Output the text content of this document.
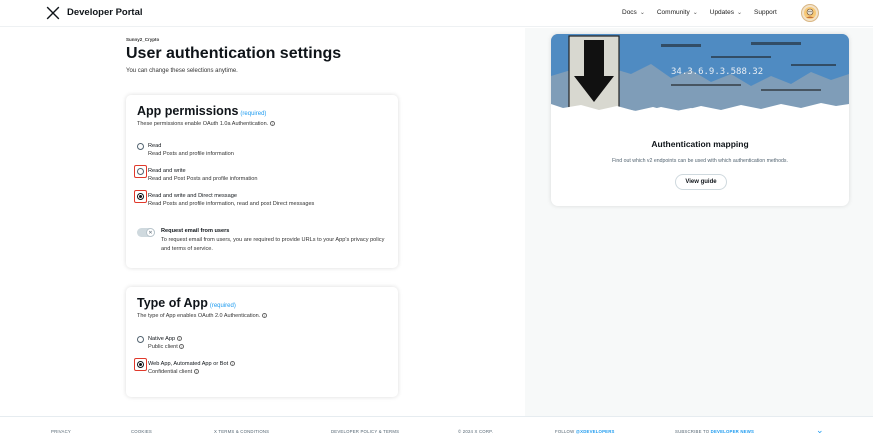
Developer Portal	Docs ⌄ Community ⌄ Updates ⌄ Support
Sunny2_Crypto
User authentication settings
You can change these selections anytime.
App permissions (required)
These permissions enable OAuth 1.0a Authentication. i
Read
Read Posts and profile information
Read and write
Read and Post Posts and profile information
Read and write and Direct message
Read Posts and profile information, read and post Direct messages
✕	Request email from users
To request email from users, you are required to provide URLs to your App's privacy policy and terms of service.
Type of App (required)
The type of App enables OAuth 2.0 Authentication. i
Native App i
Public client i
Web App, Automated App or Bot i
Confidential client i
34.3.6.9.3.588.32
Authentication mapping
Find out which v2 endpoints can be used with which authentication methods.
View guide
PRIVACY	COOKIES	X TERMS & CONDITIONS	DEVELOPER POLICY & TERMS	© 2024 X CORP.	FOLLOW @XDEVELOPERS	SUBSCRIBE TO DEVELOPER NEWS	⌄
